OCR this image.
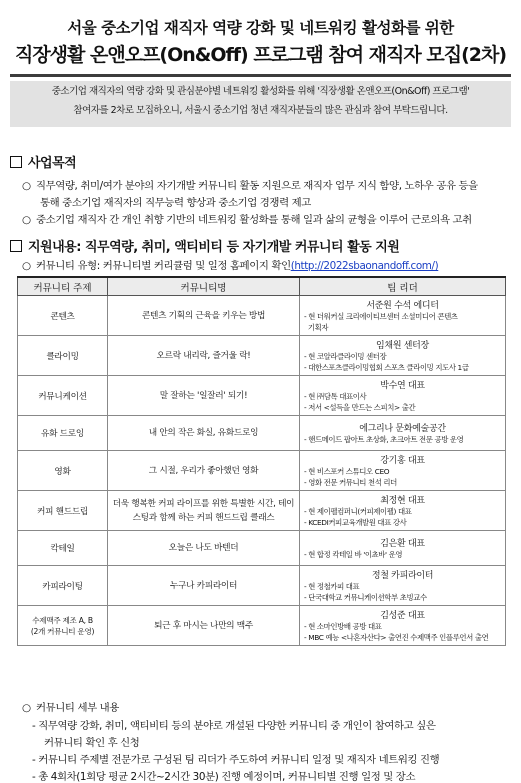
서울 중소기업 재직자 역량 강화 및 네트워킹 활성화를 위한
직장생활 온앤오프(On&Off) 프로그램 참여 재직자 모집(2차)

중소기업 재직자의 역량 강화 및 관심분야별 네트워킹 활성화를 위해 '직장생활 온앤오프(On&Off) 프로그램'

참여자를 2차로 모집하오니, 서울시 중소기업 청년 재직자분들의 많은 관심과 참여 부탁드립니다.

사업목적
○ 직무역량, 취미/여가 분야의 자기개발 커뮤니티 활동 지원으로 재직자 업무 지식 함양, 노하우 공유 등을
통해 중소기업 재직자의 직무능력 향상과 중소기업 경쟁력 제고
○ 중소기업 재직자 간 개인 취향 기반의 네트워킹 활성화를 통해 일과 삶의 균형을 이루어 근로의욕 고취
지원내용: 직무역량, 취미, 액티비티 등 자기개발 커뮤니티 활동 지원
○ 커뮤니티 유형: 커뮤니티별 커리큘럼 및 일정 홈페이지 확인(http://2022sbaonandoff.com/)
커뮤니티 주제	커뮤니티명	팀 리더
콘텐츠	콘텐츠 기획의 근육을 키우는 방법	서준원 수석 에디터
- 현 더워커실 크리에이티브센터 소셜미디어 콘텐츠
기획자

클라이밍	오르락 내리락, 즐거울 락!	임채원 센터장
- 현 코알라클라이밍 센터장
- 대한스포츠클라이밍협회 스포츠 클라이밍 지도사 1급

커뮤니케이션	말 잘하는 '일잘러' 되기!	박수연 대표
- 현 ㈜담톡 대표이사
- 저서 <설득을 만드는 스피치> 출간

유화 드로잉	내 안의 작은 화실, 유화드로잉	에그리나 문화예술공간
- 핸드메이드 팝아트 초상화, 초크아트 전문 공방 운영

영화	그 시절, 우리가 좋아했던 영화	강기홍 대표
- 현 비스포커 스튜디오 CEO
- 영화 전문 커뮤니티 천석 리더

커피 핸드드립	더욱 행복한 커피 라이프를 위한 특별한 시간, 테이스팅과 함께 하는 커피 핸드드립 클래스	최정현 대표
- 현 제이펠컴퍼니(커피제이펠) 대표
- KCEDI커피교육개발원 대표 강사

칵테일	오늘은 나도 바텐더	김은환 대표
- 현 합정 칵테일 바 '이쵸바' 운영

카피라이팅	누구나 카피라이터	정철 카피라이터
- 현 정철카피 대표
- 단국대학교 커뮤니케이션학부 초빙교수

수제맥주 제조 A, B
(2개 커뮤니티 운영)	퇴근 후 마시는 나만의 맥주	김성준 대표
- 현 소마인방배 공방 대표
- MBC 예능 <나혼자산다> 출연진 수제맥주 인플루언서 출연
○ 커뮤니티 세부 내용
- 직무역량 강화, 취미, 액티비티 등의 분야로 개설된 다양한 커뮤니티 중 개인이 참여하고 싶은
커뮤니티 확인 후 신청
- 커뮤니티 주제별 전문가로 구성된 팀 리더가 주도하여 커뮤니티 일정 및 재직자 네트워킹 진행
- 총 4회차(1회당 평균 2시간~2시간 30분) 진행 예정이며, 커뮤니티별 진행 일정 및 장소
